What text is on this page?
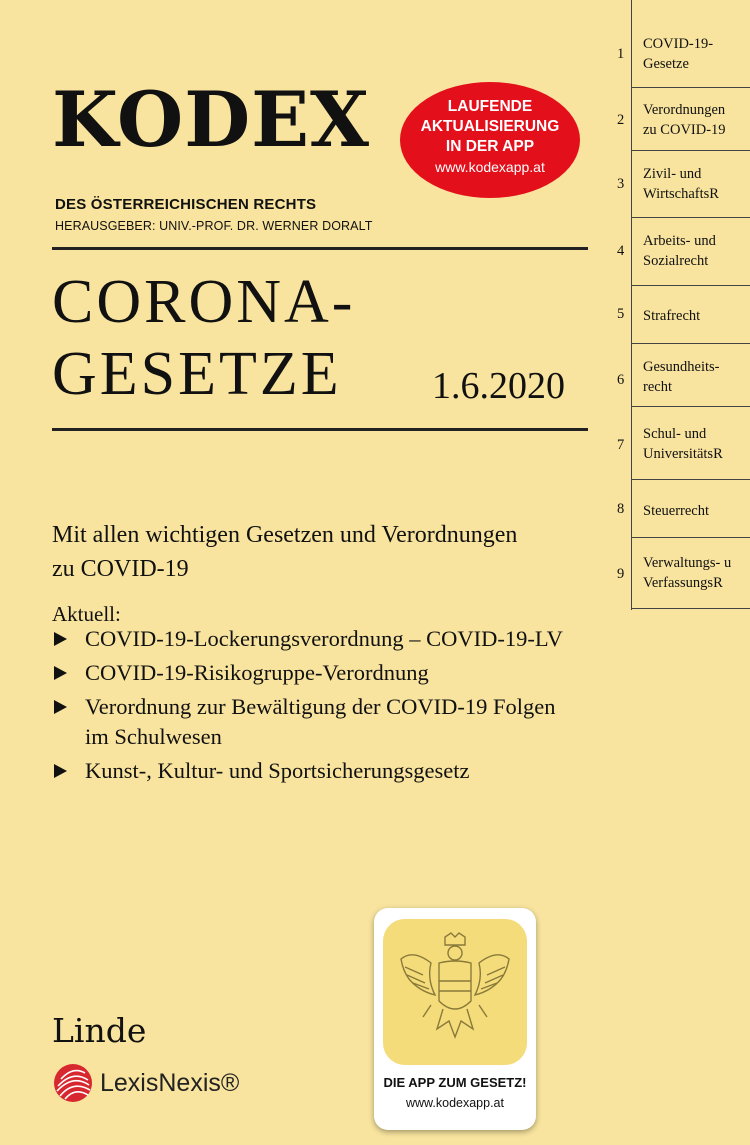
KODEX
DES ÖSTERREICHISCHEN RECHTS
HERAUSGEBER: UNIV.-PROF. DR. WERNER DORALT
LAUFENDE
AKTUALISIERUNG
IN DER APP
www.kodexapp.at
CORONA-
GESETZE	1.6.2020
Mit allen wichtigen Gesetzen und Verordnungen
zu COVID-19
Aktuell:
COVID-19-Lockerungsverordnung – COVID-19-LV
COVID-19-Risikogruppe-Verordnung
Verordnung zur Bewältigung der COVID-19 Folgen
im Schulwesen
Kunst-, Kultur- und Sportsicherungsgesetz
Linde
LexisNexis®	DIE APP ZUM GESETZ!
www.kodexapp.at
1
COVID-19-
Gesetze
2
Verordnungen
zu COVID-19
3
Zivil- und
WirtschaftsR
4
Arbeits- und
Sozialrecht
5 Strafrecht
6
Gesundheits-
recht
7
Schul- und
UniversitätsR
8 Steuerrecht
9
Verwaltungs- u
VerfassungsR
